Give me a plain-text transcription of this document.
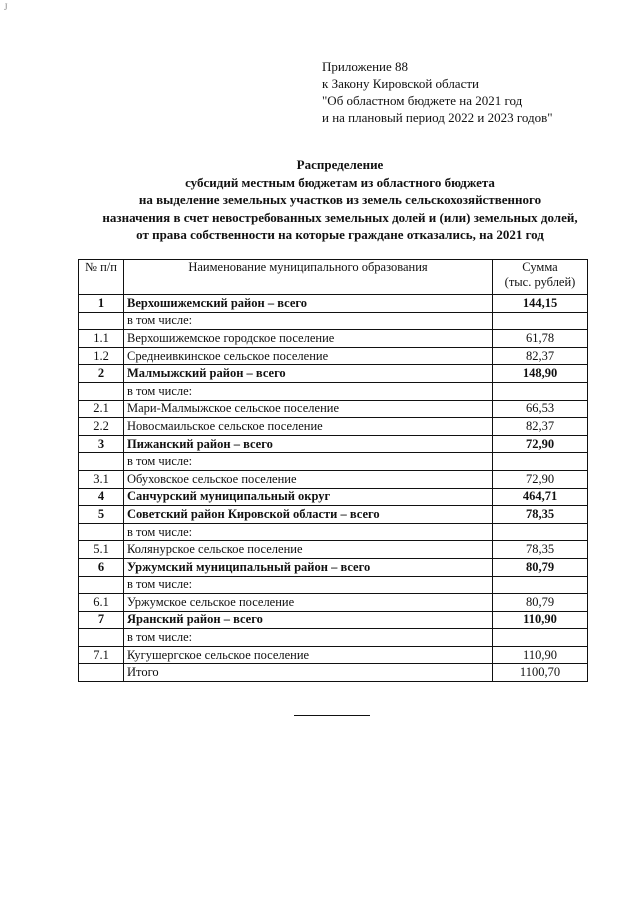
J
Приложение 88
к Закону Кировской области
"Об областном бюджете на 2021 год
и на плановый период 2022 и 2023 годов"
Распределение
субсидий местным бюджетам из областного бюджета
на выделение земельных участков из земель сельскохозяйственного
назначения в счет невостребованных земельных долей и (или) земельных долей,
от права собственности на которые граждане отказались, на 2021 год
№ п/п	Наименование муниципального образования	Сумма
(тыс. рублей)

1	Верхошижемский район – всего	144,15
	в том числе:	
1.1	Верхошижемское городское поселение	61,78
1.2	Среднеивкинское сельское поселение	82,37
2	Малмыжский район – всего	148,90
	в том числе:	
2.1	Мари-Малмыжское сельское поселение	66,53
2.2	Новосмаильское сельское поселение	82,37
3	Пижанский район – всего	72,90
	в том числе:	
3.1	Обуховское сельское поселение	72,90
4	Санчурский муниципальный округ	464,71
5	Советский район Кировской области – всего	78,35
	в том числе:	
5.1	Колянурское сельское поселение	78,35
6	Уржумский муниципальный район – всего	80,79
	в том числе:	
6.1	Уржумское сельское поселение	80,79
7	Яранский район – всего	110,90
	в том числе:	
7.1	Кугушергское сельское поселение	110,90
	Итого	1100,70
